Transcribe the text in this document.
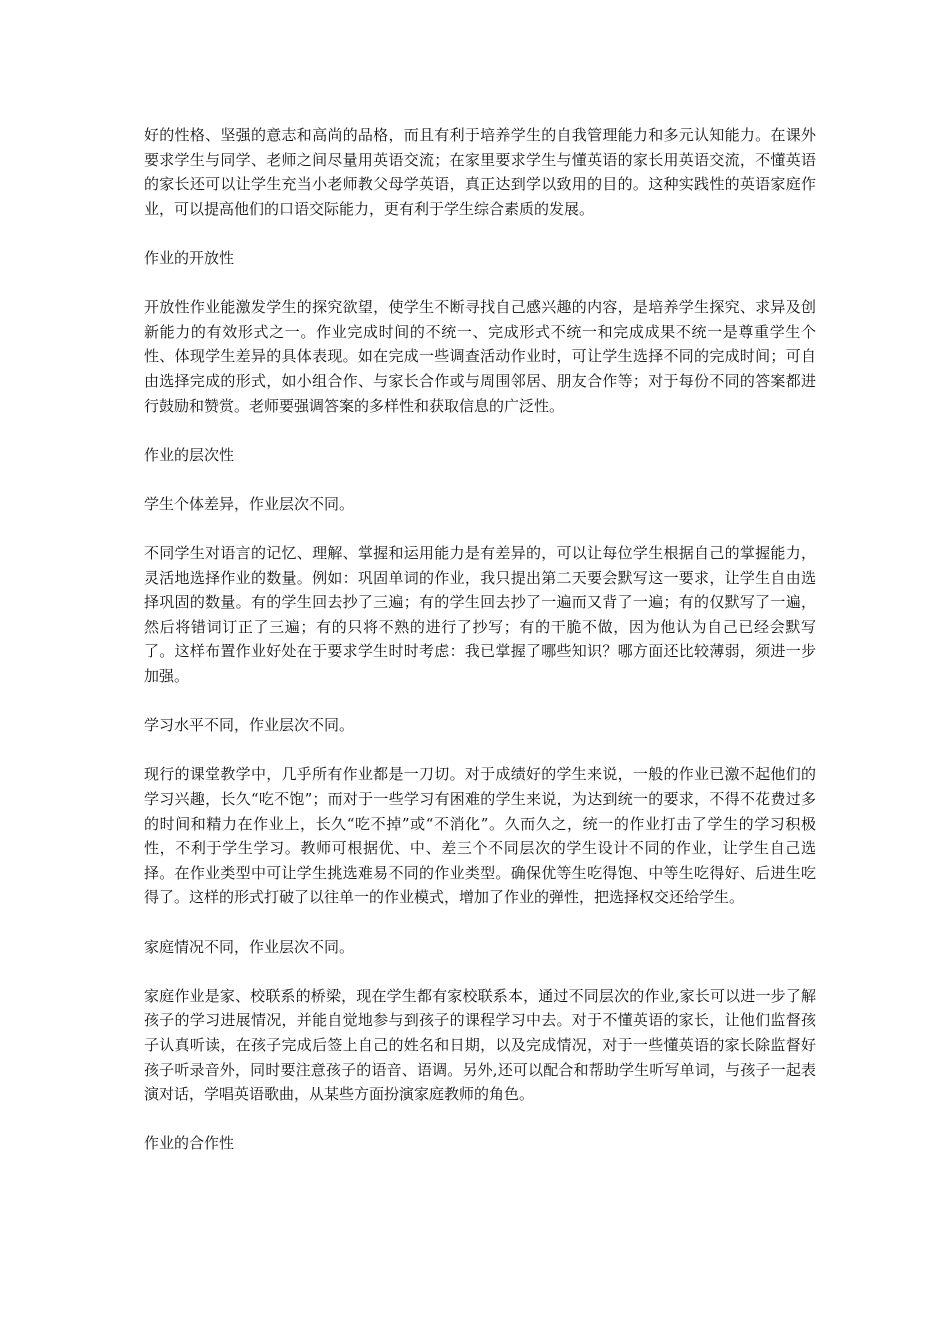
好的性格、坚强的意志和高尚的品格，而且有利于培养学生的自我管理能力和多元认知能力。在课外要求学生与同学、老师之间尽量用英语交流；在家里要求学生与懂英语的家长用英语交流，不懂英语的家长还可以让学生充当小老师教父母学英语，真正达到学以致用的目的。这种实践性的英语家庭作业，可以提高他们的口语交际能力，更有利于学生综合素质的发展。

作业的开放性

开放性作业能激发学生的探究欲望，使学生不断寻找自己感兴趣的内容，是培养学生探究、求异及创新能力的有效形式之一。作业完成时间的不统一、完成形式不统一和完成成果不统一是尊重学生个性、体现学生差异的具体表现。如在完成一些调查活动作业时，可让学生选择不同的完成时间；可自由选择完成的形式，如小组合作、与家长合作或与周围邻居、朋友合作等；对于每份不同的答案都进行鼓励和赞赏。老师要强调答案的多样性和获取信息的广泛性。

作业的层次性

学生个体差异，作业层次不同。

不同学生对语言的记忆、理解、掌握和运用能力是有差异的，可以让每位学生根据自己的掌握能力，灵活地选择作业的数量。例如：巩固单词的作业，我只提出第二天要会默写这一要求，让学生自由选择巩固的数量。有的学生回去抄了三遍；有的学生回去抄了一遍而又背了一遍；有的仅默写了一遍，然后将错词订正了三遍；有的只将不熟的进行了抄写；有的干脆不做，因为他认为自己已经会默写了。这样布置作业好处在于要求学生时时考虑：我已掌握了哪些知识？哪方面还比较薄弱，须进一步加强。

学习水平不同，作业层次不同。

现行的课堂教学中，几乎所有作业都是一刀切。对于成绩好的学生来说，一般的作业已激不起他们的学习兴趣，长久“吃不饱”；而对于一些学习有困难的学生来说，为达到统一的要求，不得不花费过多的时间和精力在作业上，长久“吃不掉”或“不消化”。久而久之，统一的作业打击了学生的学习积极性，不利于学生学习。教师可根据优、中、差三个不同层次的学生设计不同的作业，让学生自己选择。在作业类型中可让学生挑选难易不同的作业类型。确保优等生吃得饱、中等生吃得好、后进生吃得了。这样的形式打破了以往单一的作业模式，增加了作业的弹性，把选择权交还给学生。

家庭情况不同，作业层次不同。

家庭作业是家、校联系的桥梁，现在学生都有家校联系本，通过不同层次的作业,家长可以进一步了解孩子的学习进展情况，并能自觉地参与到孩子的课程学习中去。对于不懂英语的家长，让他们监督孩子认真听读，在孩子完成后签上自己的姓名和日期，以及完成情况，对于一些懂英语的家长除监督好孩子听录音外，同时要注意孩子的语音、语调。另外,还可以配合和帮助学生听写单词，与孩子一起表演对话，学唱英语歌曲，从某些方面扮演家庭教师的角色。

作业的合作性
